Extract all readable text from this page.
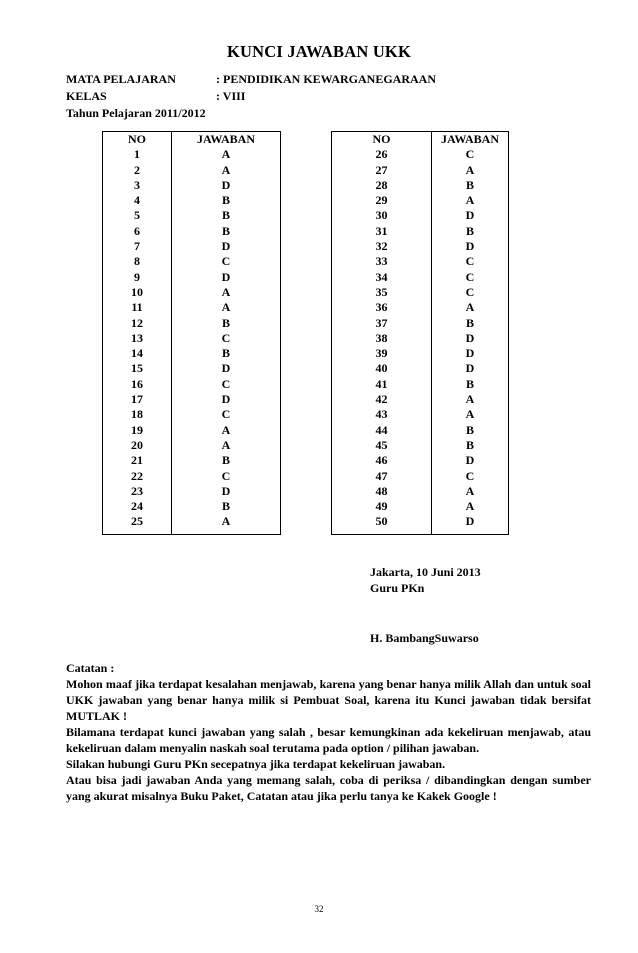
KUNCI JAWABAN UKK
MATA PELAJARAN	: PENDIDIKAN KEWARGANEGARAAN
KELAS	: VIII
Tahun Pelajaran 2011/2012
NO	JAWABAN
1	A
2	A
3	D
4	B
5	B
6	B
7	D
8	C
9	D
10	A
11	A
12	B
13	C
14	B
15	D
16	C
17	D
18	C
19	A
20	A
21	B
22	C
23	D
24	B
25	A
NO	JAWABAN
26	C
27	A
28	B
29	A
30	D
31	B
32	D
33	C
34	C
35	C
36	A
37	B
38	D
39	D
40	D
41	B
42	A
43	A
44	B
45	B
46	D
47	C
48	A
49	A
50	D
Jakarta, 10 Juni 2013
Guru PKn
H. BambangSuwarso

Catatan :

Mohon maaf jika terdapat kesalahan menjawab, karena yang benar hanya milik Allah dan untuk soal UKK jawaban yang benar hanya milik si Pembuat Soal, karena itu Kunci jawaban tidak bersifat MUTLAK !

Bilamana terdapat kunci jawaban yang salah , besar kemungkinan ada kekeliruan menjawab, atau kekeliruan dalam menyalin naskah soal terutama pada option / pilihan jawaban.

Silakan hubungi Guru PKn secepatnya jika terdapat kekeliruan jawaban.

Atau bisa jadi jawaban Anda yang memang salah, coba di periksa / dibandingkan dengan sumber yang akurat misalnya Buku Paket, Catatan atau jika perlu tanya ke Kakek Google !

32
